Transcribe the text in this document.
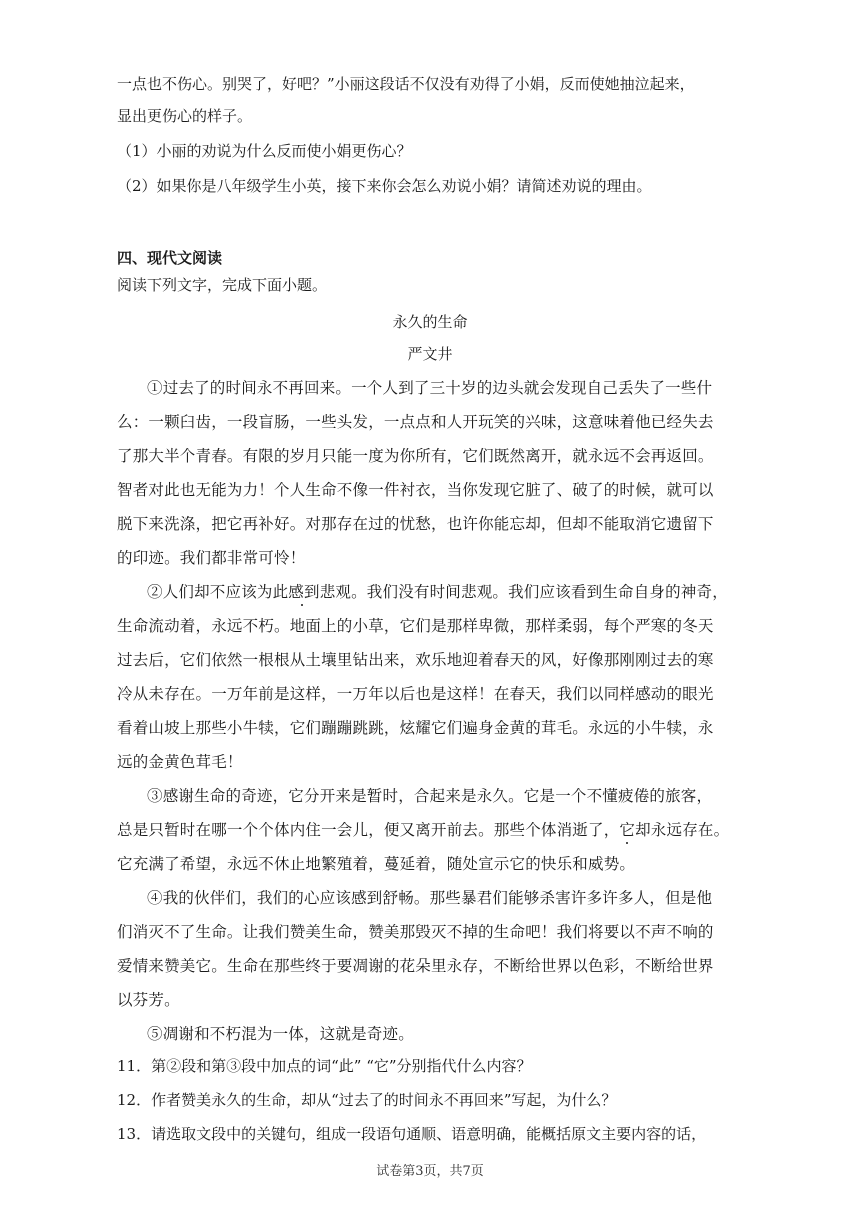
一点也不伤心。别哭了，好吧？”小丽这段话不仅没有劝得了小娟，反而使她抽泣起来，
显出更伤心的样子。
（1）小丽的劝说为什么反而使小娟更伤心？
（2）如果你是八年级学生小英，接下来你会怎么劝说小娟？请简述劝说的理由。
四、现代文阅读
阅读下列文字，完成下面小题。
永久的生命
严文井
①过去了的时间永不再回来。一个人到了三十岁的边头就会发现自己丢失了一些什
么：一颗臼齿，一段盲肠，一些头发，一点点和人开玩笑的兴味，这意味着他已经失去
了那大半个青春。有限的岁月只能一度为你所有，它们既然离开，就永远不会再返回。
智者对此也无能为力！个人生命不像一件衬衣，当你发现它脏了、破了的时候，就可以
脱下来洗涤，把它再补好。对那存在过的忧愁，也许你能忘却，但却不能取消它遗留下
的印迹。我们都非常可怜！
②人们却不应该为此感到悲观。我们没有时间悲观。我们应该看到生命自身的神奇，
生命流动着，永远不朽。地面上的小草，它们是那样卑微，那样柔弱，每个严寒的冬天
过去后，它们依然一根根从土壤里钻出来，欢乐地迎着春天的风，好像那刚刚过去的寒
冷从未存在。一万年前是这样，一万年以后也是这样！在春天，我们以同样感动的眼光
看着山坡上那些小牛犊，它们蹦蹦跳跳，炫耀它们遍身金黄的茸毛。永远的小牛犊，永
远的金黄色茸毛！
③感谢生命的奇迹，它分开来是暂时，合起来是永久。它是一个不懂疲倦的旅客，
总是只暂时在哪一个个体内住一会儿，便又离开前去。那些个体消逝了，它却永远存在。
它充满了希望，永远不休止地繁殖着，蔓延着，随处宣示它的快乐和威势。
④我的伙伴们，我们的心应该感到舒畅。那些暴君们能够杀害许多许多人，但是他
们消灭不了生命。让我们赞美生命，赞美那毁灭不掉的生命吧！我们将要以不声不响的
爱情来赞美它。生命在那些终于要凋谢的花朵里永存，不断给世界以色彩，不断给世界
以芬芳。
⑤凋谢和不朽混为一体，这就是奇迹。
11．第②段和第③段中加点的词“此” “它”分别指代什么内容？
12．作者赞美永久的生命，却从“过去了的时间永不再回来”写起，为什么？
13．请选取文段中的关键句，组成一段语句通顺、语意明确，能概括原文主要内容的话，
试卷第3页，共7页
